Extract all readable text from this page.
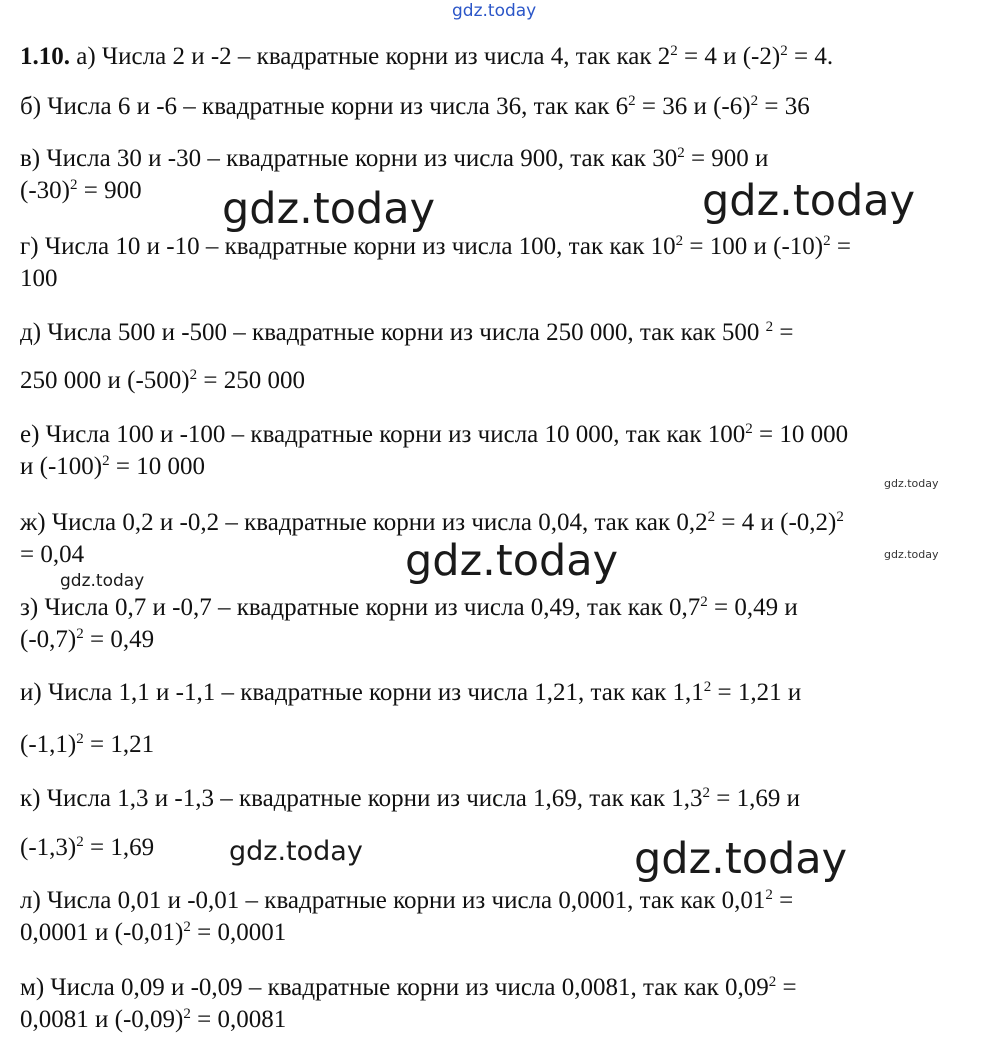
gdz.today

1.10. а) Числа 2 и -2 – квадратные корни из числа 4, так как $2^2 = 4$ и $(-2)^2 = 4$.

б) Числа 6 и -6 – квадратные корни из числа 36, так как $6^2 = 36$ и $(-6)^2 = 36$

в) Числа 30 и -30 – квадратные корни из числа 900, так как $30^2 = 900$ и

$(-30)^2 = 900$

г) Числа 10 и -10 – квадратные корни из числа 100, так как $10^2 = 100$ и $(-10)^2$ =

100

д) Числа 500 и -500 – квадратные корни из числа 250 000, так как 500 $^2$ =

250 000 и $(-500)^2 = 250$ 000

е) Числа 100 и -100 – квадратные корни из числа 10 000, так как $100^2 = 10$ 000

и $(-100)^2 = 10$ 000

ж) Числа 0,2 и -0,2 – квадратные корни из числа 0,04, так как $0,2^2 = 4$ и $(-0,2)^2$

= 0,04

з) Числа 0,7 и -0,7 – квадратные корни из числа 0,49, так как $0,7^2 = 0,49$ и

$(-0,7)^2 = 0,49$

и) Числа 1,1 и -1,1 – квадратные корни из числа 1,21, так как $1,1^2 = 1,21$ и

$(-1,1)^2 = 1,21$

к) Числа 1,3 и -1,3 – квадратные корни из числа 1,69, так как $1,3^2 = 1,69$ и

$(-1,3)^2 = 1,69$

л) Числа 0,01 и -0,01 – квадратные корни из числа 0,0001, так как $0,01^2$ =

0,0001 и $(-0,01)^2 = 0,0001$

м) Числа 0,09 и -0,09 – квадратные корни из числа 0,0081, так как $0,09^2$ =

0,0081 и $(-0,09)^2 = 0,0081$

gdz.today	gdz.today
gdz.today
gdz.today	gdz.today
gdz.today
gdz.today	gdz.today
